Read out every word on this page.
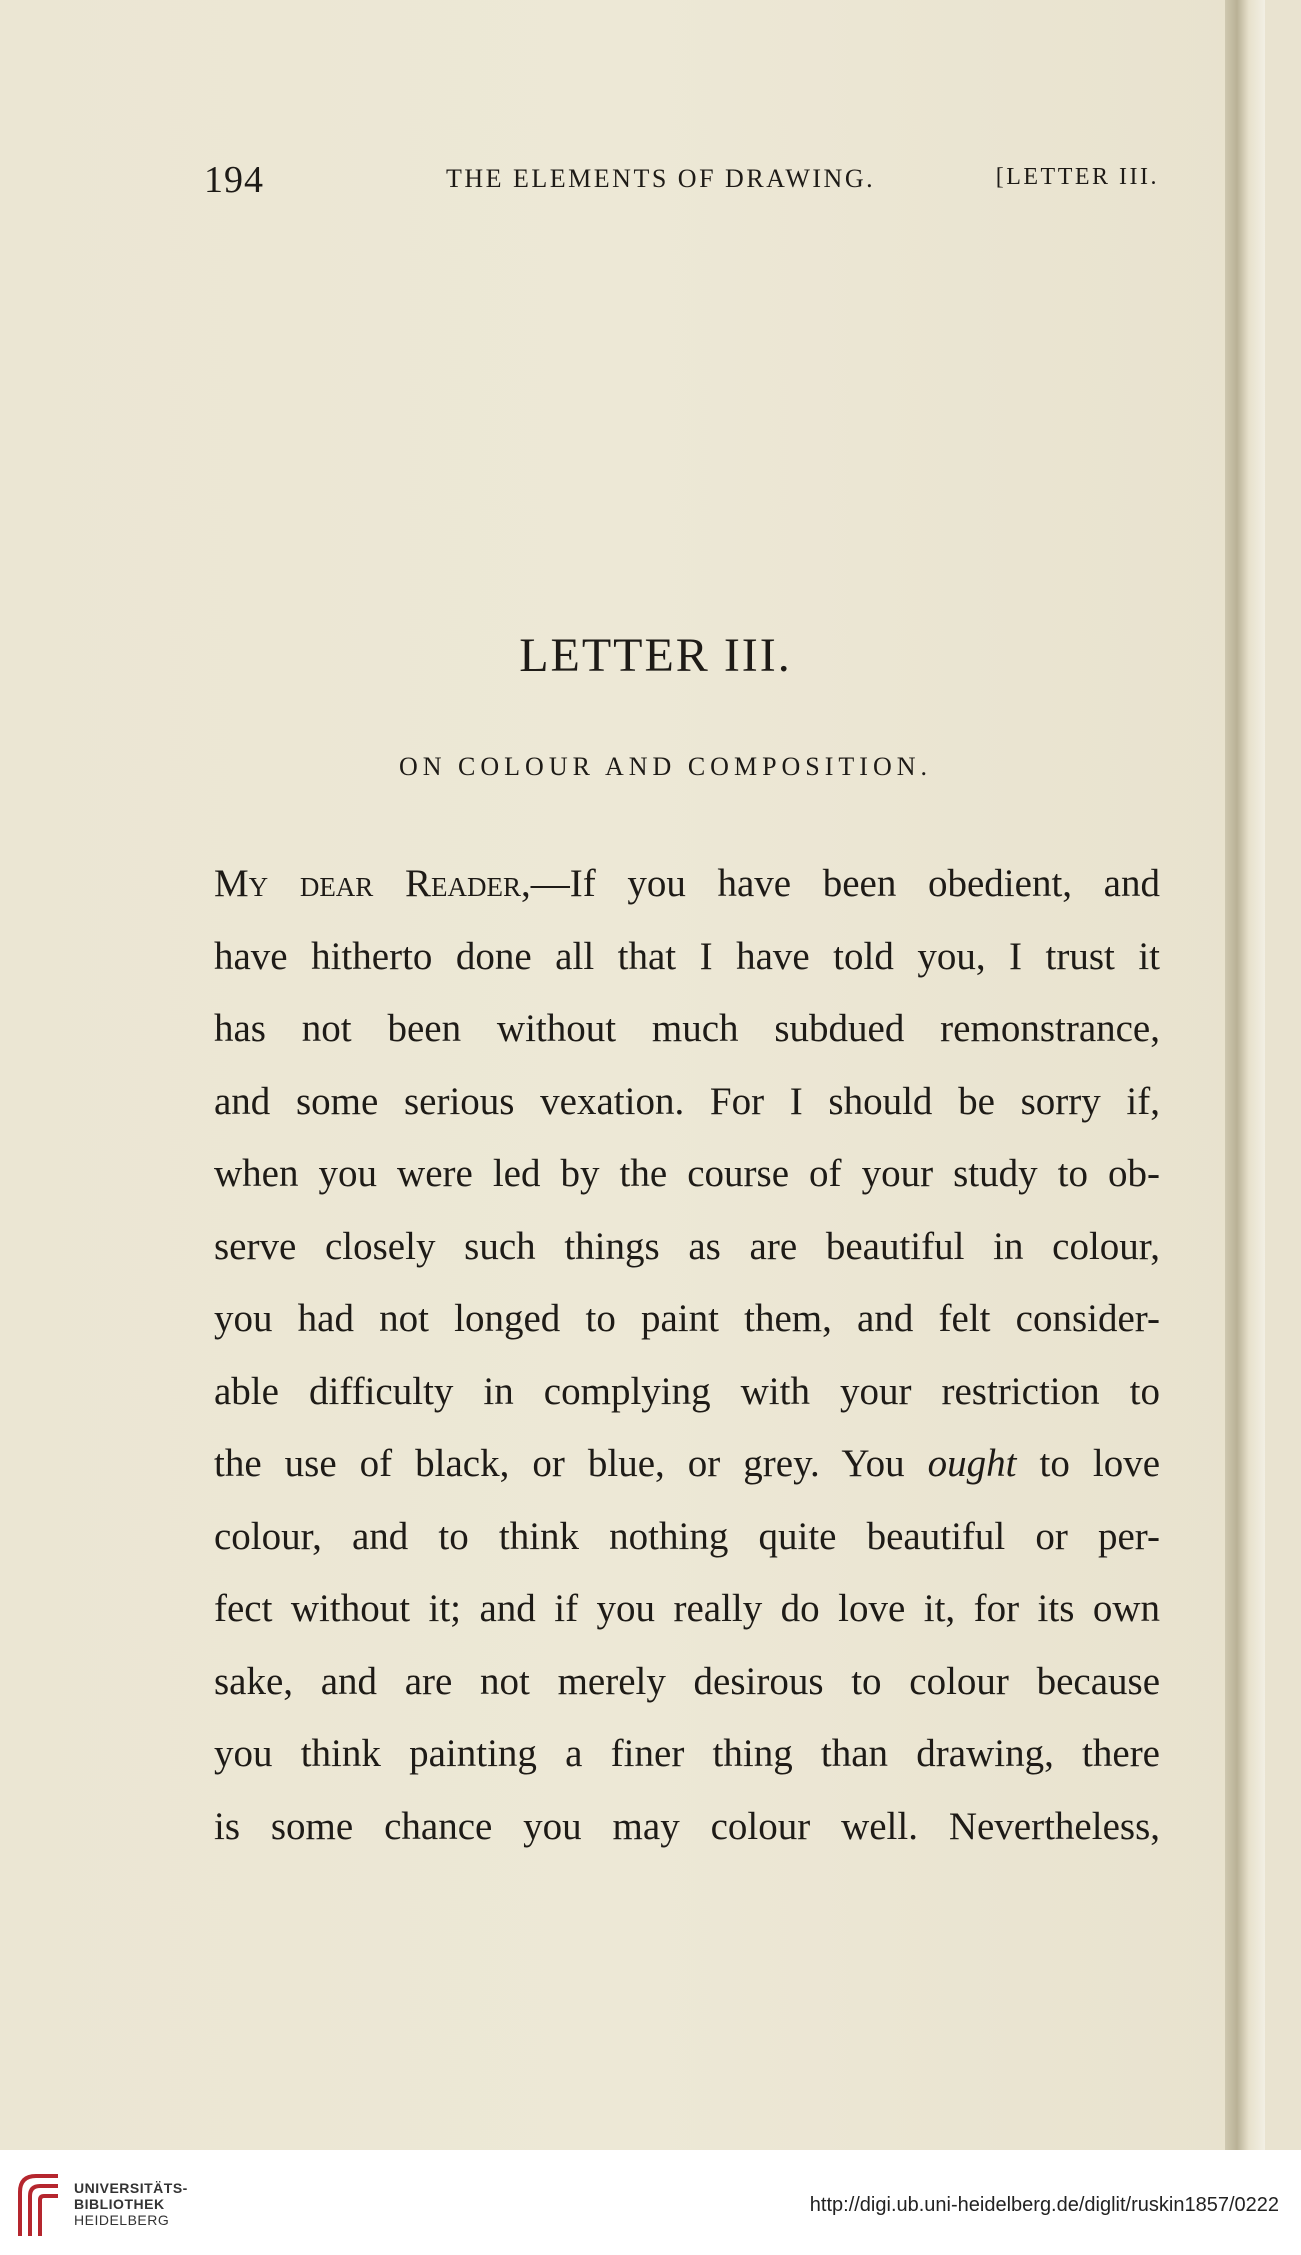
194	THE ELEMENTS OF DRAWING.	[LETTER III.
LETTER III.
ON COLOUR AND COMPOSITION.
My dear Reader,—If you have been obedient, and
have hitherto done all that I have told you, I trust it
has not been without much subdued remonstrance,
and some serious vexation. For I should be sorry if,
when you were led by the course of your study to ob-
serve closely such things as are beautiful in colour,
you had not longed to paint them, and felt consider-
able difficulty in complying with your restriction to
the use of black, or blue, or grey. You ought to love
colour, and to think nothing quite beautiful or per-
fect without it; and if you really do love it, for its own
sake, and are not merely desirous to colour because
you think painting a finer thing than drawing, there
is some chance you may colour well. Nevertheless,
UNIVERSITÄTS-
BIBLIOTHEK
HEIDELBERG
http://digi.ub.uni-heidelberg.de/diglit/ruskin1857/0222
